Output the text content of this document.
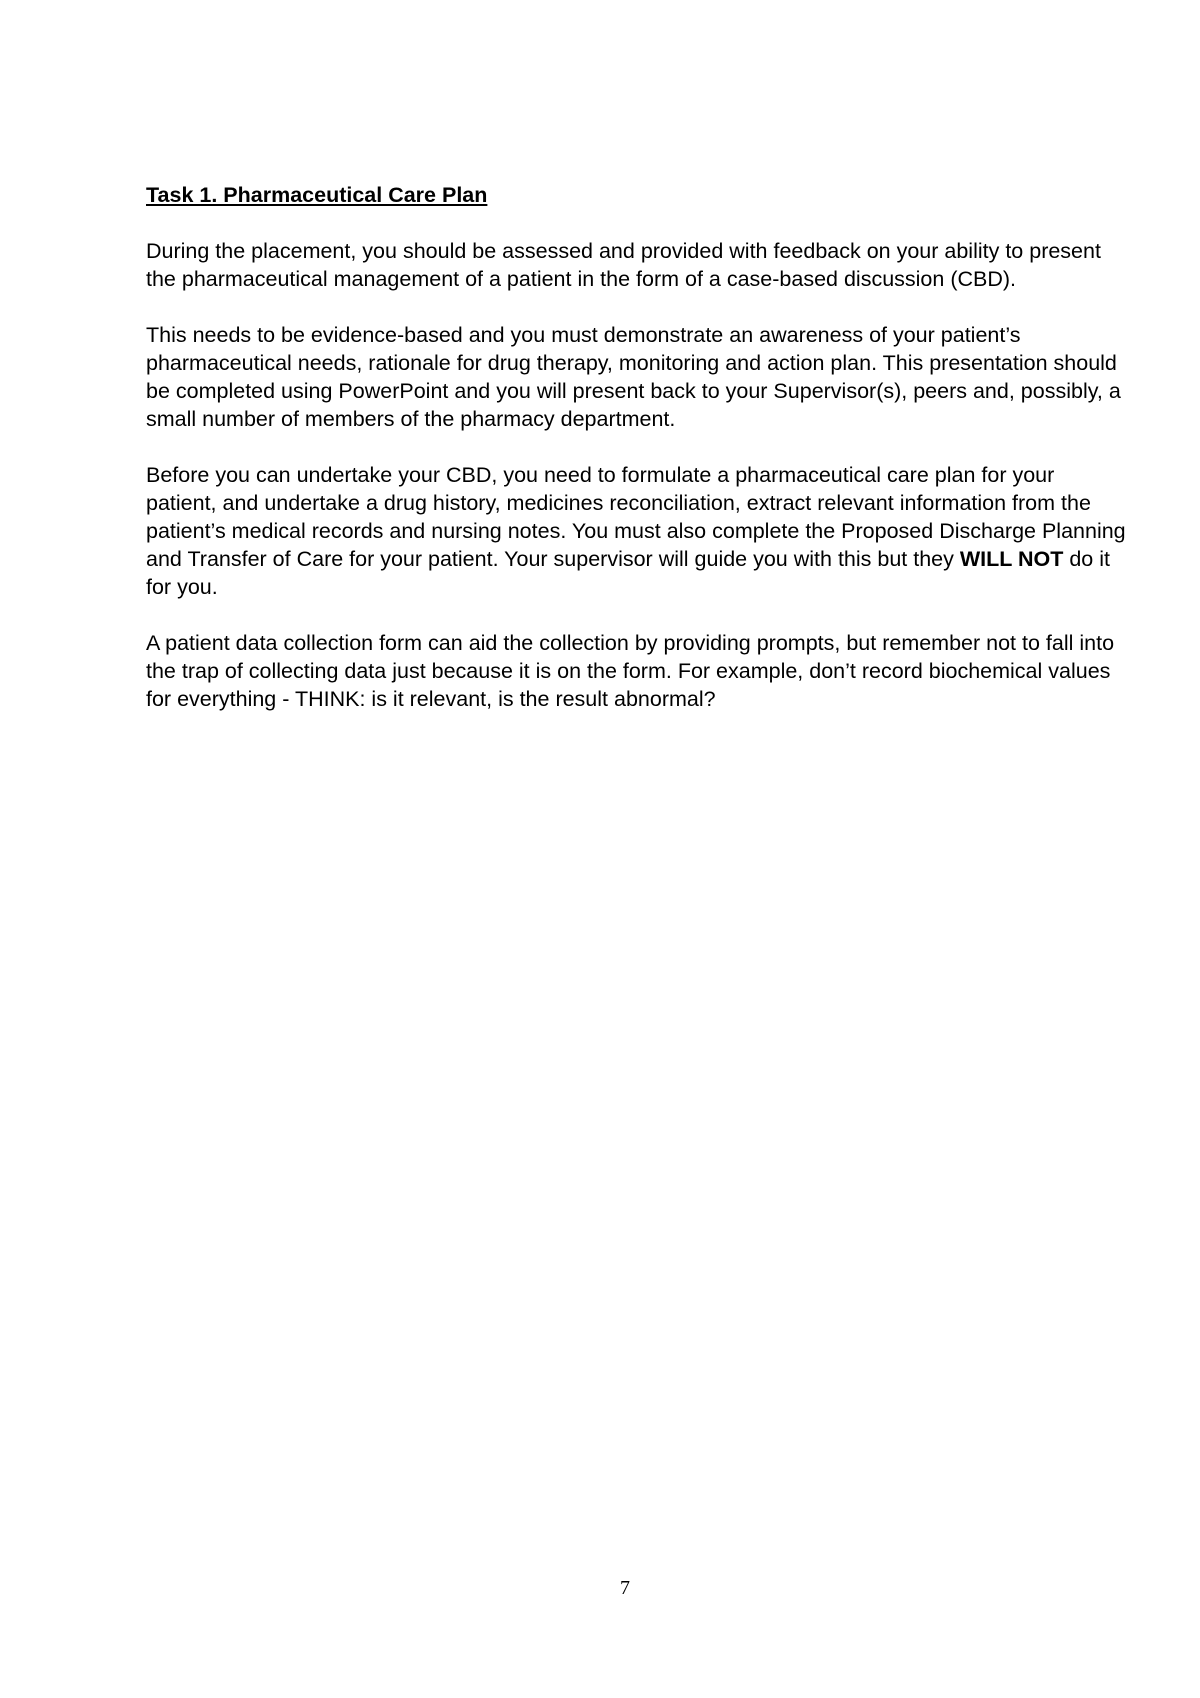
Task 1. Pharmaceutical Care Plan
During the placement, you should be assessed and provided with feedback on your ability to present the pharmaceutical management of a patient in the form of a case-based discussion (CBD).
This needs to be evidence-based and you must demonstrate an awareness of your patient’s pharmaceutical needs, rationale for drug therapy, monitoring and action plan. This presentation should be completed using PowerPoint and you will present back to your Supervisor(s), peers and, possibly, a small number of members of the pharmacy department.
Before you can undertake your CBD, you need to formulate a pharmaceutical care plan for your patient, and undertake a drug history, medicines reconciliation, extract relevant information from the patient’s medical records and nursing notes. You must also complete the Proposed Discharge Planning and Transfer of Care for your patient. Your supervisor will guide you with this but they WILL NOT do it for you.
A patient data collection form can aid the collection by providing prompts, but remember not to fall into the trap of collecting data just because it is on the form. For example, don’t record biochemical values for everything - THINK: is it relevant, is the result abnormal?
7
